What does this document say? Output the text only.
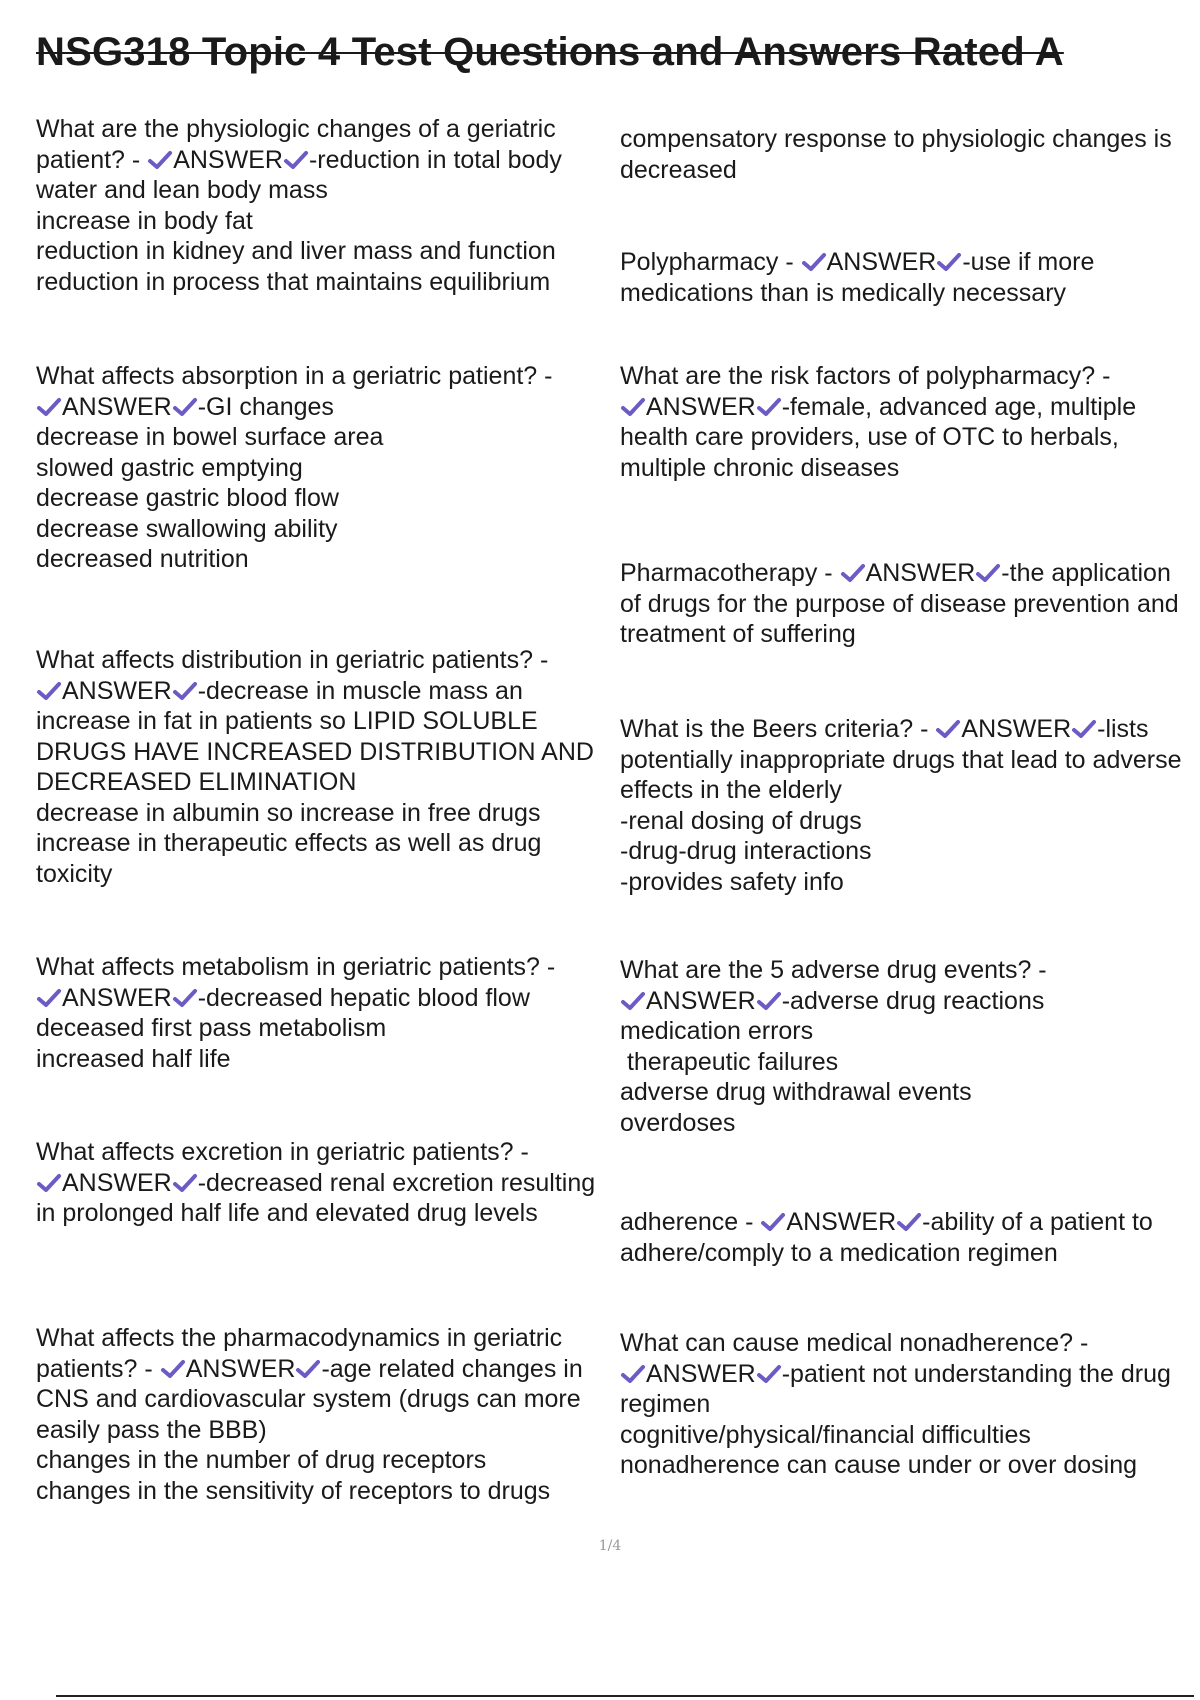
NSG318 Topic 4 Test Questions and Answers Rated A

What are the physiologic changes of a geriatric patient? - ANSWER -reduction in total body water and lean body mass
increase in body fat
reduction in kidney and liver mass and function
reduction in process that maintains equilibrium

What affects absorption in a geriatric patient? -
ANSWER -GI changes
decrease in bowel surface area
slowed gastric emptying
decrease gastric blood flow
decrease swallowing ability
decreased nutrition

What affects distribution in geriatric patients? -
ANSWER -decrease in muscle mass an increase in fat in patients so LIPID SOLUBLE DRUGS HAVE INCREASED DISTRIBUTION AND DECREASED ELIMINATION
decrease in albumin so increase in free drugs increase in therapeutic effects as well as drug toxicity

What affects metabolism in geriatric patients? -
ANSWER -decreased hepatic blood flow
deceased first pass metabolism
increased half life

What affects excretion in geriatric patients? -
ANSWER -decreased renal excretion resulting in prolonged half life and elevated drug levels

What affects the pharmacodynamics in geriatric patients? - ANSWER -age related changes in CNS and cardiovascular system (drugs can more easily pass the BBB)
changes in the number of drug receptors
changes in the sensitivity of receptors to drugs

compensatory response to physiologic changes is decreased

Polypharmacy - ANSWER -use if more medications than is medically necessary

What are the risk factors of polypharmacy? -
ANSWER -female, advanced age, multiple health care providers, use of OTC to herbals, multiple chronic diseases

Pharmacotherapy - ANSWER -the application of drugs for the purpose of disease prevention and treatment of suffering

What is the Beers criteria? - ANSWER -lists potentially inappropriate drugs that lead to adverse effects in the elderly
-renal dosing of drugs
-drug-drug interactions
-provides safety info

What are the 5 adverse drug events? -
ANSWER -adverse drug reactions
medication errors
therapeutic failures
adverse drug withdrawal events
overdoses

adherence - ANSWER -ability of a patient to adhere/comply to a medication regimen

What can cause medical nonadherence? -
ANSWER -patient not understanding the drug regimen
cognitive/physical/financial difficulties
nonadherence can cause under or over dosing

1/4
